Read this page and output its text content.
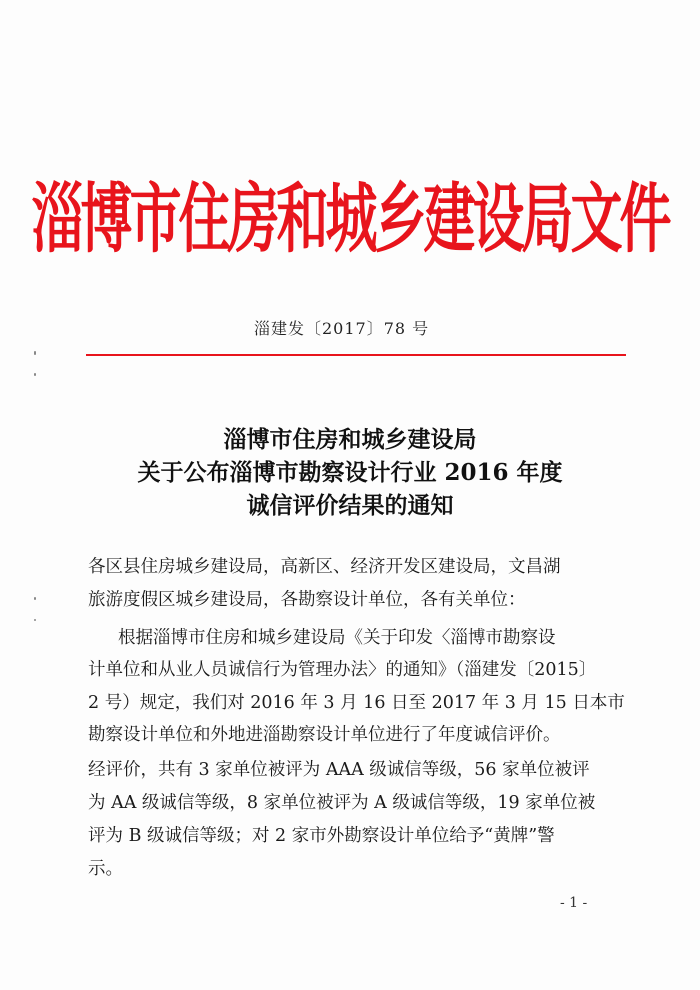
淄博市住房和城乡建设局文件
淄建发〔2017〕78 号
淄博市住房和城乡建设局
关于公布淄博市勘察设计行业 2016 年度
诚信评价结果的通知
各区县住房城乡建设局，高新区、经济开发区建设局，文昌湖
旅游度假区城乡建设局，各勘察设计单位，各有关单位：
根据淄博市住房和城乡建设局《关于印发〈淄博市勘察设
计单位和从业人员诚信行为管理办法〉的通知》（淄建发〔2015〕
2 号）规定，我们对 2016 年 3 月 16 日至 2017 年 3 月 15 日本市
勘察设计单位和外地进淄勘察设计单位进行了年度诚信评价。
经评价，共有 3 家单位被评为 AAA 级诚信等级，56 家单位被评
为 AA 级诚信等级，8 家单位被评为 A 级诚信等级，19 家单位被
评为 B 级诚信等级；对 2 家市外勘察设计单位给予“黄牌”警
示。
- 1 -
